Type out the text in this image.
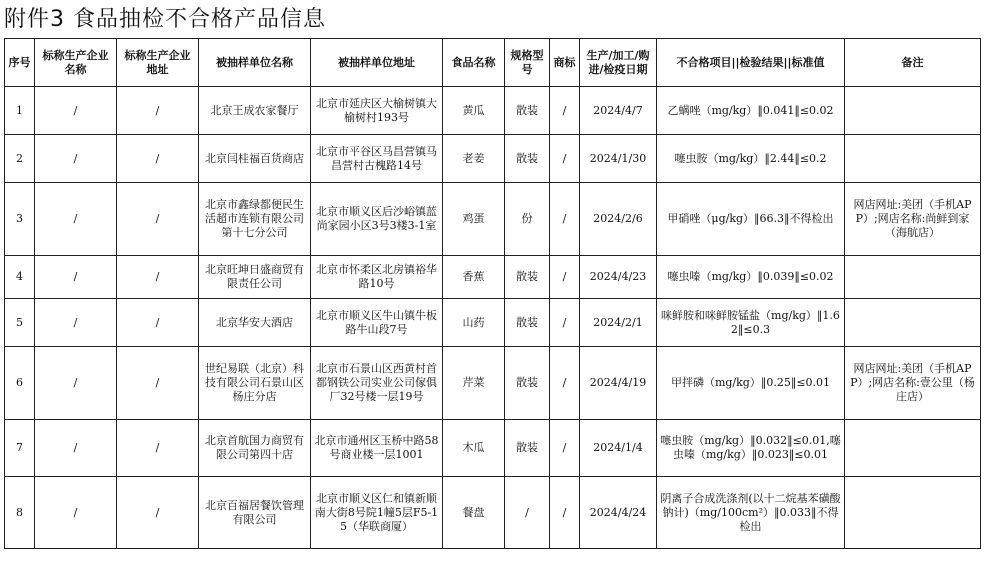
附件3 食品抽检不合格产品信息
序号	标称生产企业名称	标称生产企业地址	被抽样单位名称	被抽样单位地址	食品名称	规格型号	商标	生产/加工/购进/检疫日期	不合格项目||检验结果||标准值	备注
1	/	/	北京王成农家餐厅	北京市延庆区大榆树镇大榆树村193号	黄瓜	散装	/	2024/4/7	乙螨唑（mg/kg）‖0.041‖≤0.02	
2	/	/	北京闫桂福百货商店	北京市平谷区马昌营镇马昌营村古槐路14号	老姜	散装	/	2024/1/30	噻虫胺（mg/kg）‖2.44‖≤0.2	
3	/	/	北京市鑫绿都便民生活超市连锁有限公司第十七分公司	北京市顺义区后沙峪镇蓝尚家园小区3号3楼3-1室	鸡蛋	份	/	2024/2/6	甲硝唑（μg/kg）‖66.3‖不得检出	网店网址:美团（手机APP）;网店名称:尚鲜到家（海航店）
4	/	/	北京旺坤日盛商贸有限责任公司	北京市怀柔区北房镇裕华路10号	香蕉	散装	/	2024/4/23	噻虫嗪（mg/kg）‖0.039‖≤0.02	
5	/	/	北京华安大酒店	北京市顺义区牛山镇牛板路牛山段7号	山药	散装	/	2024/2/1	咪鲜胺和咪鲜胺锰盐（mg/kg）‖1.62‖≤0.3	
6	/	/	世纪易联（北京）科技有限公司石景山区杨庄分店	北京市石景山区西黄村首都钢铁公司实业公司傢俱厂32号楼一层19号	芹菜	散装	/	2024/4/19	甲拌磷（mg/kg）‖0.25‖≤0.01	网店网址:美团（手机APP）;网店名称:壹公里（杨庄店）
7	/	/	北京首航国力商贸有限公司第四十店	北京市通州区玉桥中路58号商业楼一层1001	木瓜	散装	/	2024/1/4	噻虫胺（mg/kg）‖0.032‖≤0.01,噻虫嗪（mg/kg）‖0.023‖≤0.01	
8	/	/	北京百福居餐饮管理有限公司	北京市顺义区仁和镇新顺南大街8号院1幢5层F5-15（华联商厦）	餐盘	/	/	2024/4/24	阴离子合成洗涤剂(以十二烷基苯磺酸钠计)（mg/100cm²）‖0.033‖不得检出	
